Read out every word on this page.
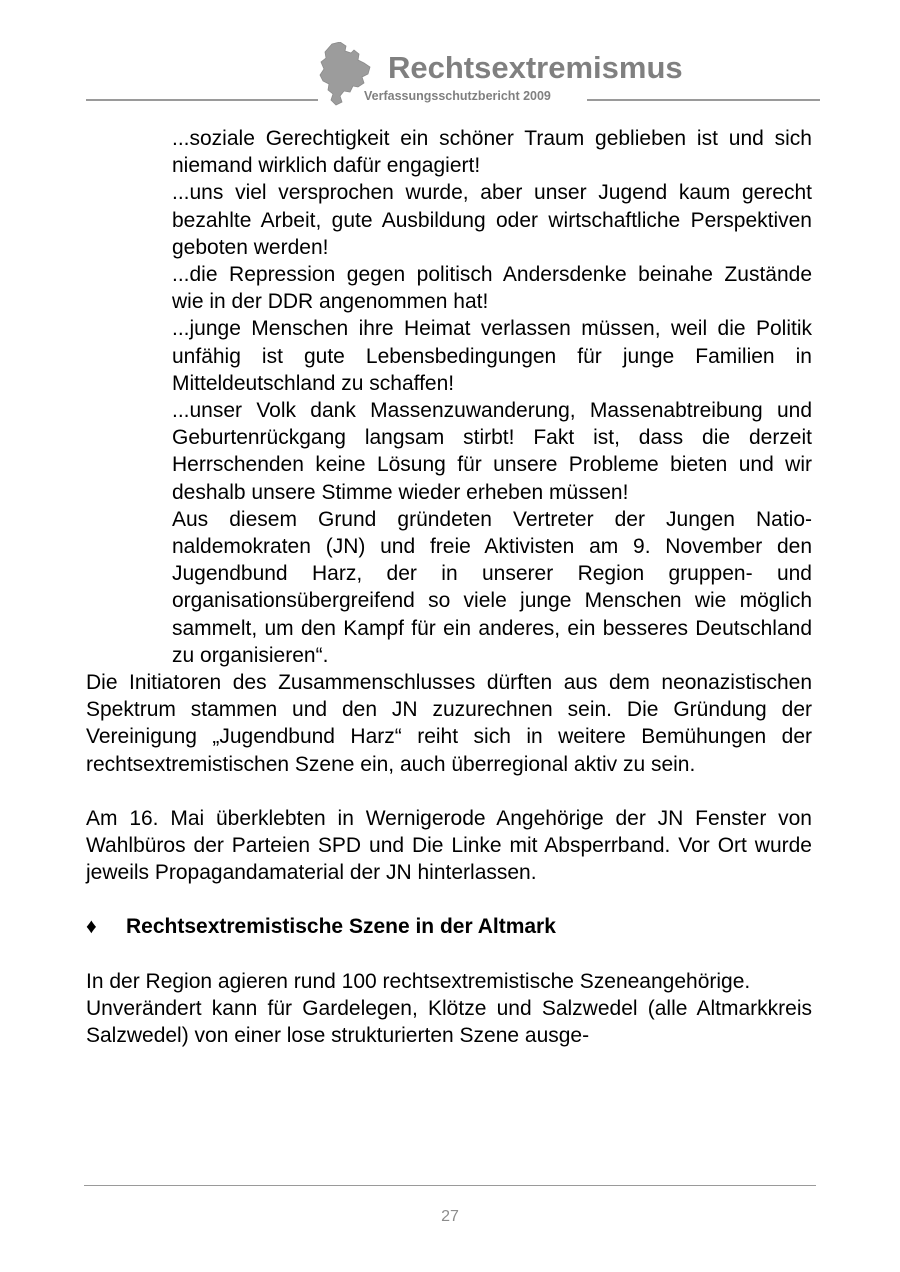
Rechtsextremismus
Verfassungsschutzbericht 2009

...soziale Gerechtigkeit ein schöner Traum geblieben ist und sich niemand wirklich dafür engagiert!

...uns viel versprochen wurde, aber unser Jugend kaum gerecht bezahlte Arbeit, gute Ausbildung oder wirtschaftliche Perspektiven geboten werden!

...die Repression gegen politisch Andersdenke beinahe Zustände wie in der DDR angenommen hat!

...junge Menschen ihre Heimat verlassen müssen, weil die Politik unfähig ist gute Lebensbedingungen für junge Familien in Mitteldeutschland zu schaffen!

...unser Volk dank Massenzuwanderung, Massenabtreibung und Geburtenrückgang langsam stirbt! Fakt ist, dass die derzeit Herrschenden keine Lösung für unsere Probleme bieten und wir deshalb unsere Stimme wieder erheben müssen!

Aus diesem Grund gründeten Vertreter der Jungen Nationaldemokraten (JN) und freie Aktivisten am 9. November den Jugendbund Harz, der in unserer Region gruppen- und organisationsübergreifend so viele junge Menschen wie möglich sammelt, um den Kampf für ein anderes, ein besseres Deutschland zu organisieren“.

Die Initiatoren des Zusammenschlusses dürften aus dem neonazistischen Spektrum stammen und den JN zuzurechnen sein. Die Gründung der Vereinigung „Jugendbund Harz“ reiht sich in weitere Bemühungen der rechtsextremistischen Szene ein, auch überregional aktiv zu sein.

Am 16. Mai überklebten in Wernigerode Angehörige der JN Fenster von Wahlbüros der Parteien SPD und Die Linke mit Absperrband. Vor Ort wurde jeweils Propagandamaterial der JN hinterlassen.

♦ Rechtsextremistische Szene in der Altmark

In der Region agieren rund 100 rechtsextremistische Szeneangehörige.

Unverändert kann für Gardelegen, Klötze und Salzwedel (alle Altmarkkreis Salzwedel) von einer lose strukturierten Szene ausge-

27
